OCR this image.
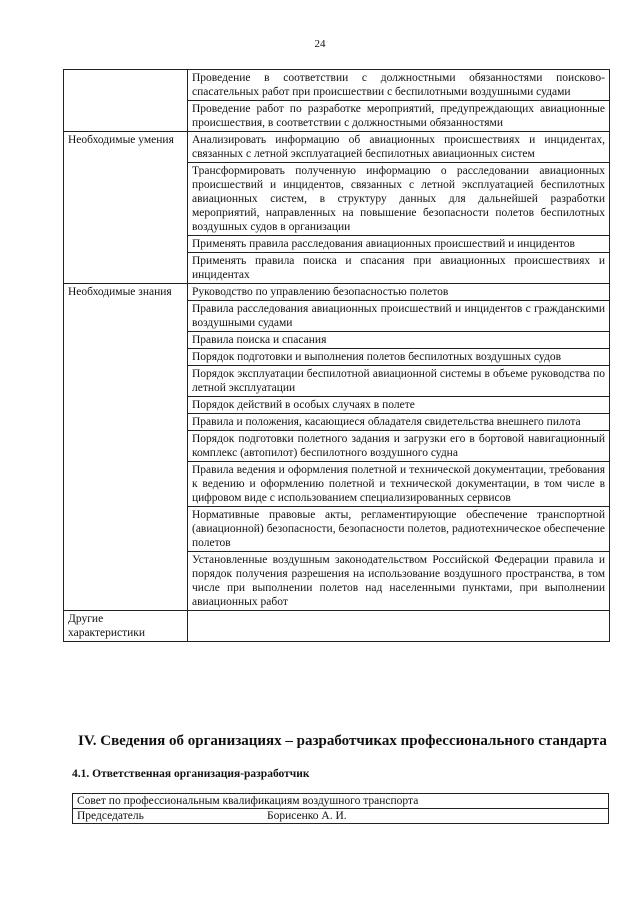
24
	Проведение в соответствии с должностными обязанностями поисково-спасательных работ при происшествии с беспилотными воздушными судами
	Проведение работ по разработке мероприятий, предупреждающих авиационные происшествия, в соответствии с должностными обязанностями
Необходимые умения	Анализировать информацию об авиационных происшествиях и инцидентах, связанных с летной эксплуатацией беспилотных авиационных систем
	Трансформировать полученную информацию о расследовании авиационных происшествий и инцидентов, связанных с летной эксплуатацией беспилотных авиационных систем, в структуру данных для дальнейшей разработки мероприятий, направленных на повышение безопасности полетов беспилотных воздушных судов в организации
	Применять правила расследования авиационных происшествий и инцидентов
	Применять правила поиска и спасания при авиационных происшествиях и инцидентах
Необходимые знания	Руководство по управлению безопасностью полетов
	Правила расследования авиационных происшествий и инцидентов с гражданскими воздушными судами
	Правила поиска и спасания
	Порядок подготовки и выполнения полетов беспилотных воздушных судов
	Порядок эксплуатации беспилотной авиационной системы в объеме руководства по летной эксплуатации
	Порядок действий в особых случаях в полете
	Правила и положения, касающиеся обладателя свидетельства внешнего пилота
	Порядок подготовки полетного задания и загрузки его в бортовой навигационный комплекс (автопилот) беспилотного воздушного судна
	Правила ведения и оформления полетной и технической документации, требования к ведению и оформлению полетной и технической документации, в том числе в цифровом виде с использованием специализированных сервисов
	Нормативные правовые акты, регламентирующие обеспечение транспортной (авиационной) безопасности, безопасности полетов, радиотехническое обеспечение полетов
	Установленные воздушным законодательством Российской Федерации правила и порядок получения разрешения на использование воздушного пространства, в том числе при выполнении полетов над населенными пунктами, при выполнении авиационных работ
Другие характеристики	
IV. Сведения об организациях – разработчиках профессионального стандарта
4.1. Ответственная организация-разработчик
Совет по профессиональным квалификациям воздушного транспорта

Председатель	Борисенко А. И.
